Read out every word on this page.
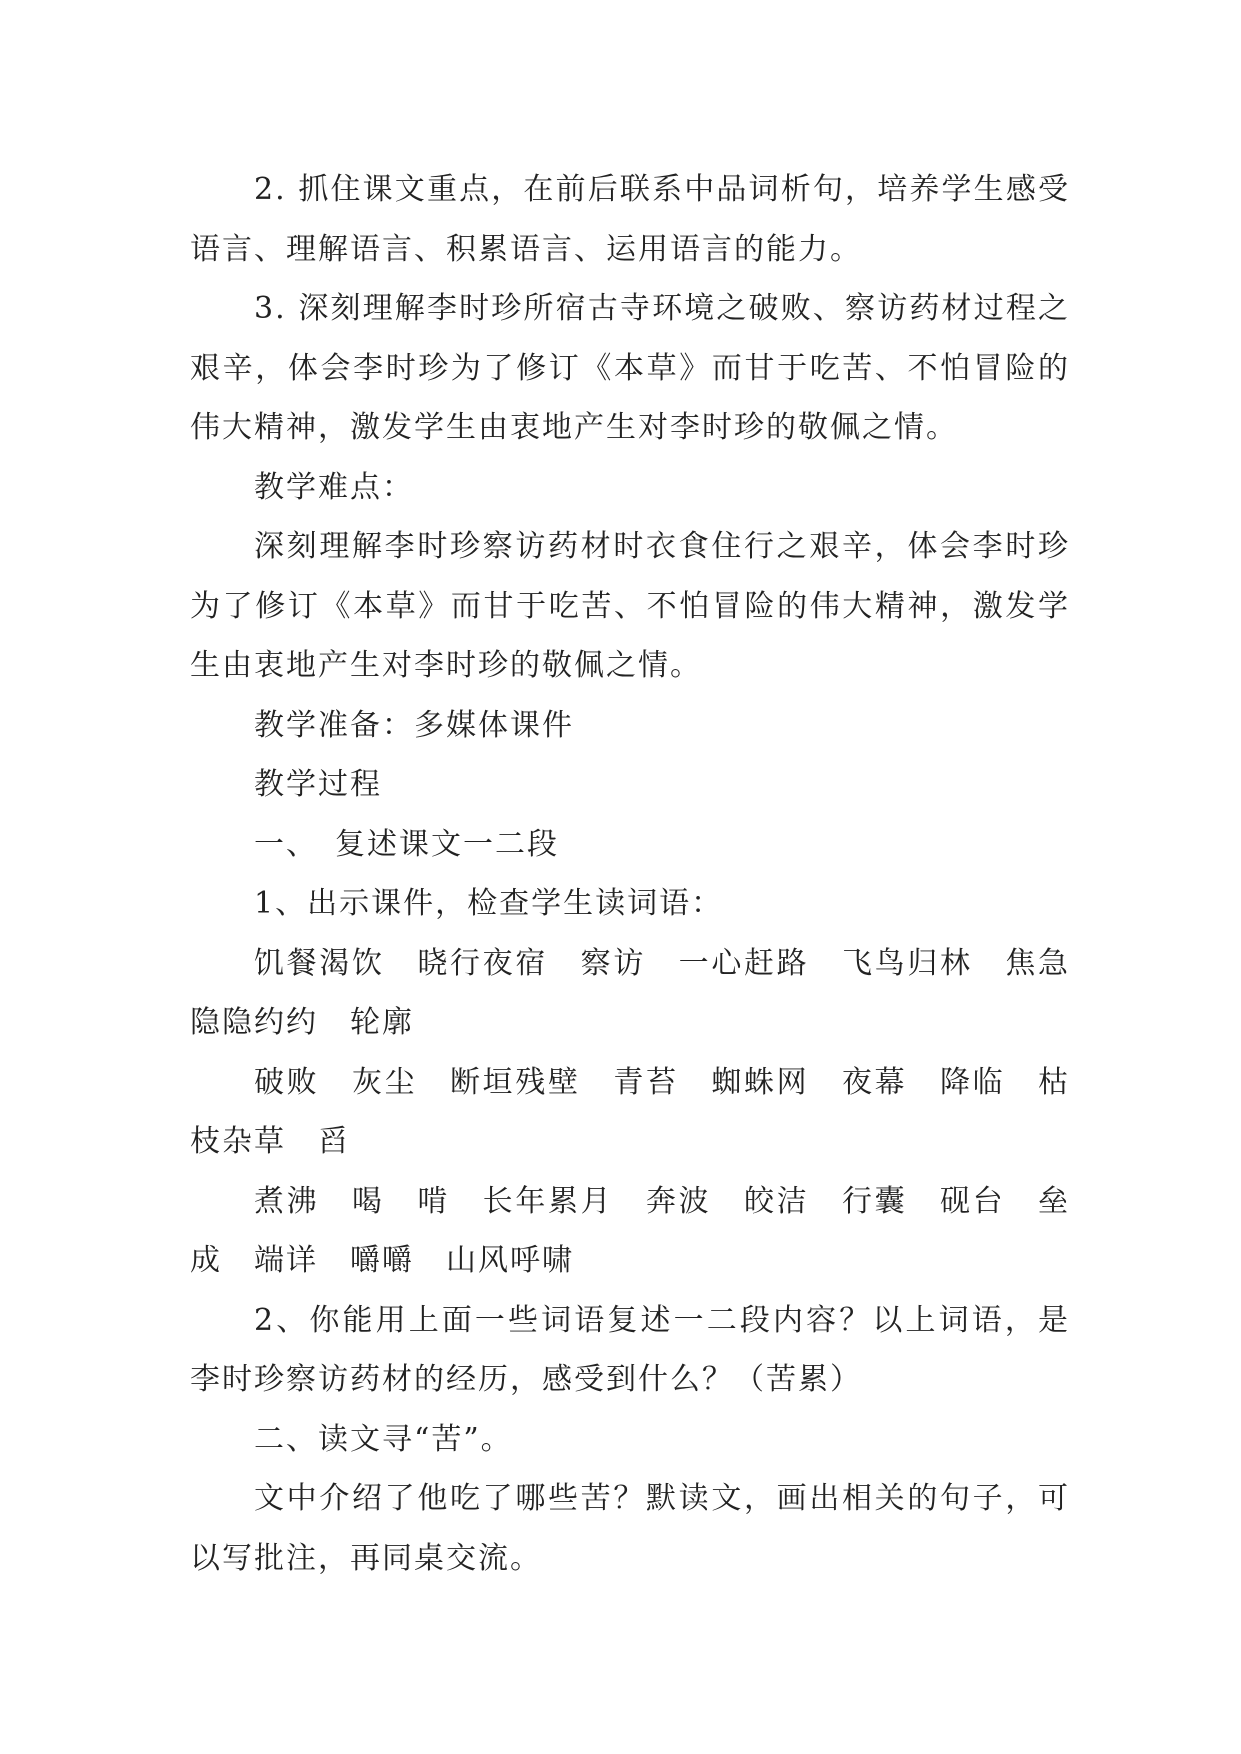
2. 抓住课文重点，在前后联系中品词析句，培养学生感受语言、理解语言、积累语言、运用语言的能力。

3. 深刻理解李时珍所宿古寺环境之破败、察访药材过程之艰辛，体会李时珍为了修订《本草》而甘于吃苦、不怕冒险的伟大精神，激发学生由衷地产生对李时珍的敬佩之情。

教学难点：

深刻理解李时珍察访药材时衣食住行之艰辛，体会李时珍为了修订《本草》而甘于吃苦、不怕冒险的伟大精神，激发学生由衷地产生对李时珍的敬佩之情。

教学准备：多媒体课件

教学过程

一、　复述课文一二段

1、出示课件，检查学生读词语：

饥餐渴饮　晓行夜宿　察访　一心赶路　飞鸟归林　焦急　隐隐约约　轮廓

破败　灰尘　断垣残壁　青苔　蜘蛛网　夜幕　降临　枯枝杂草　舀

煮沸　喝　啃　长年累月　奔波　皎洁　行囊　砚台　垒成　端详　嚼嚼　山风呼啸

2、你能用上面一些词语复述一二段内容？以上词语，是李时珍察访药材的经历，感受到什么？（苦累）

二、读文寻“苦”。

文中介绍了他吃了哪些苦？默读文，画出相关的句子，可以写批注，再同桌交流。
